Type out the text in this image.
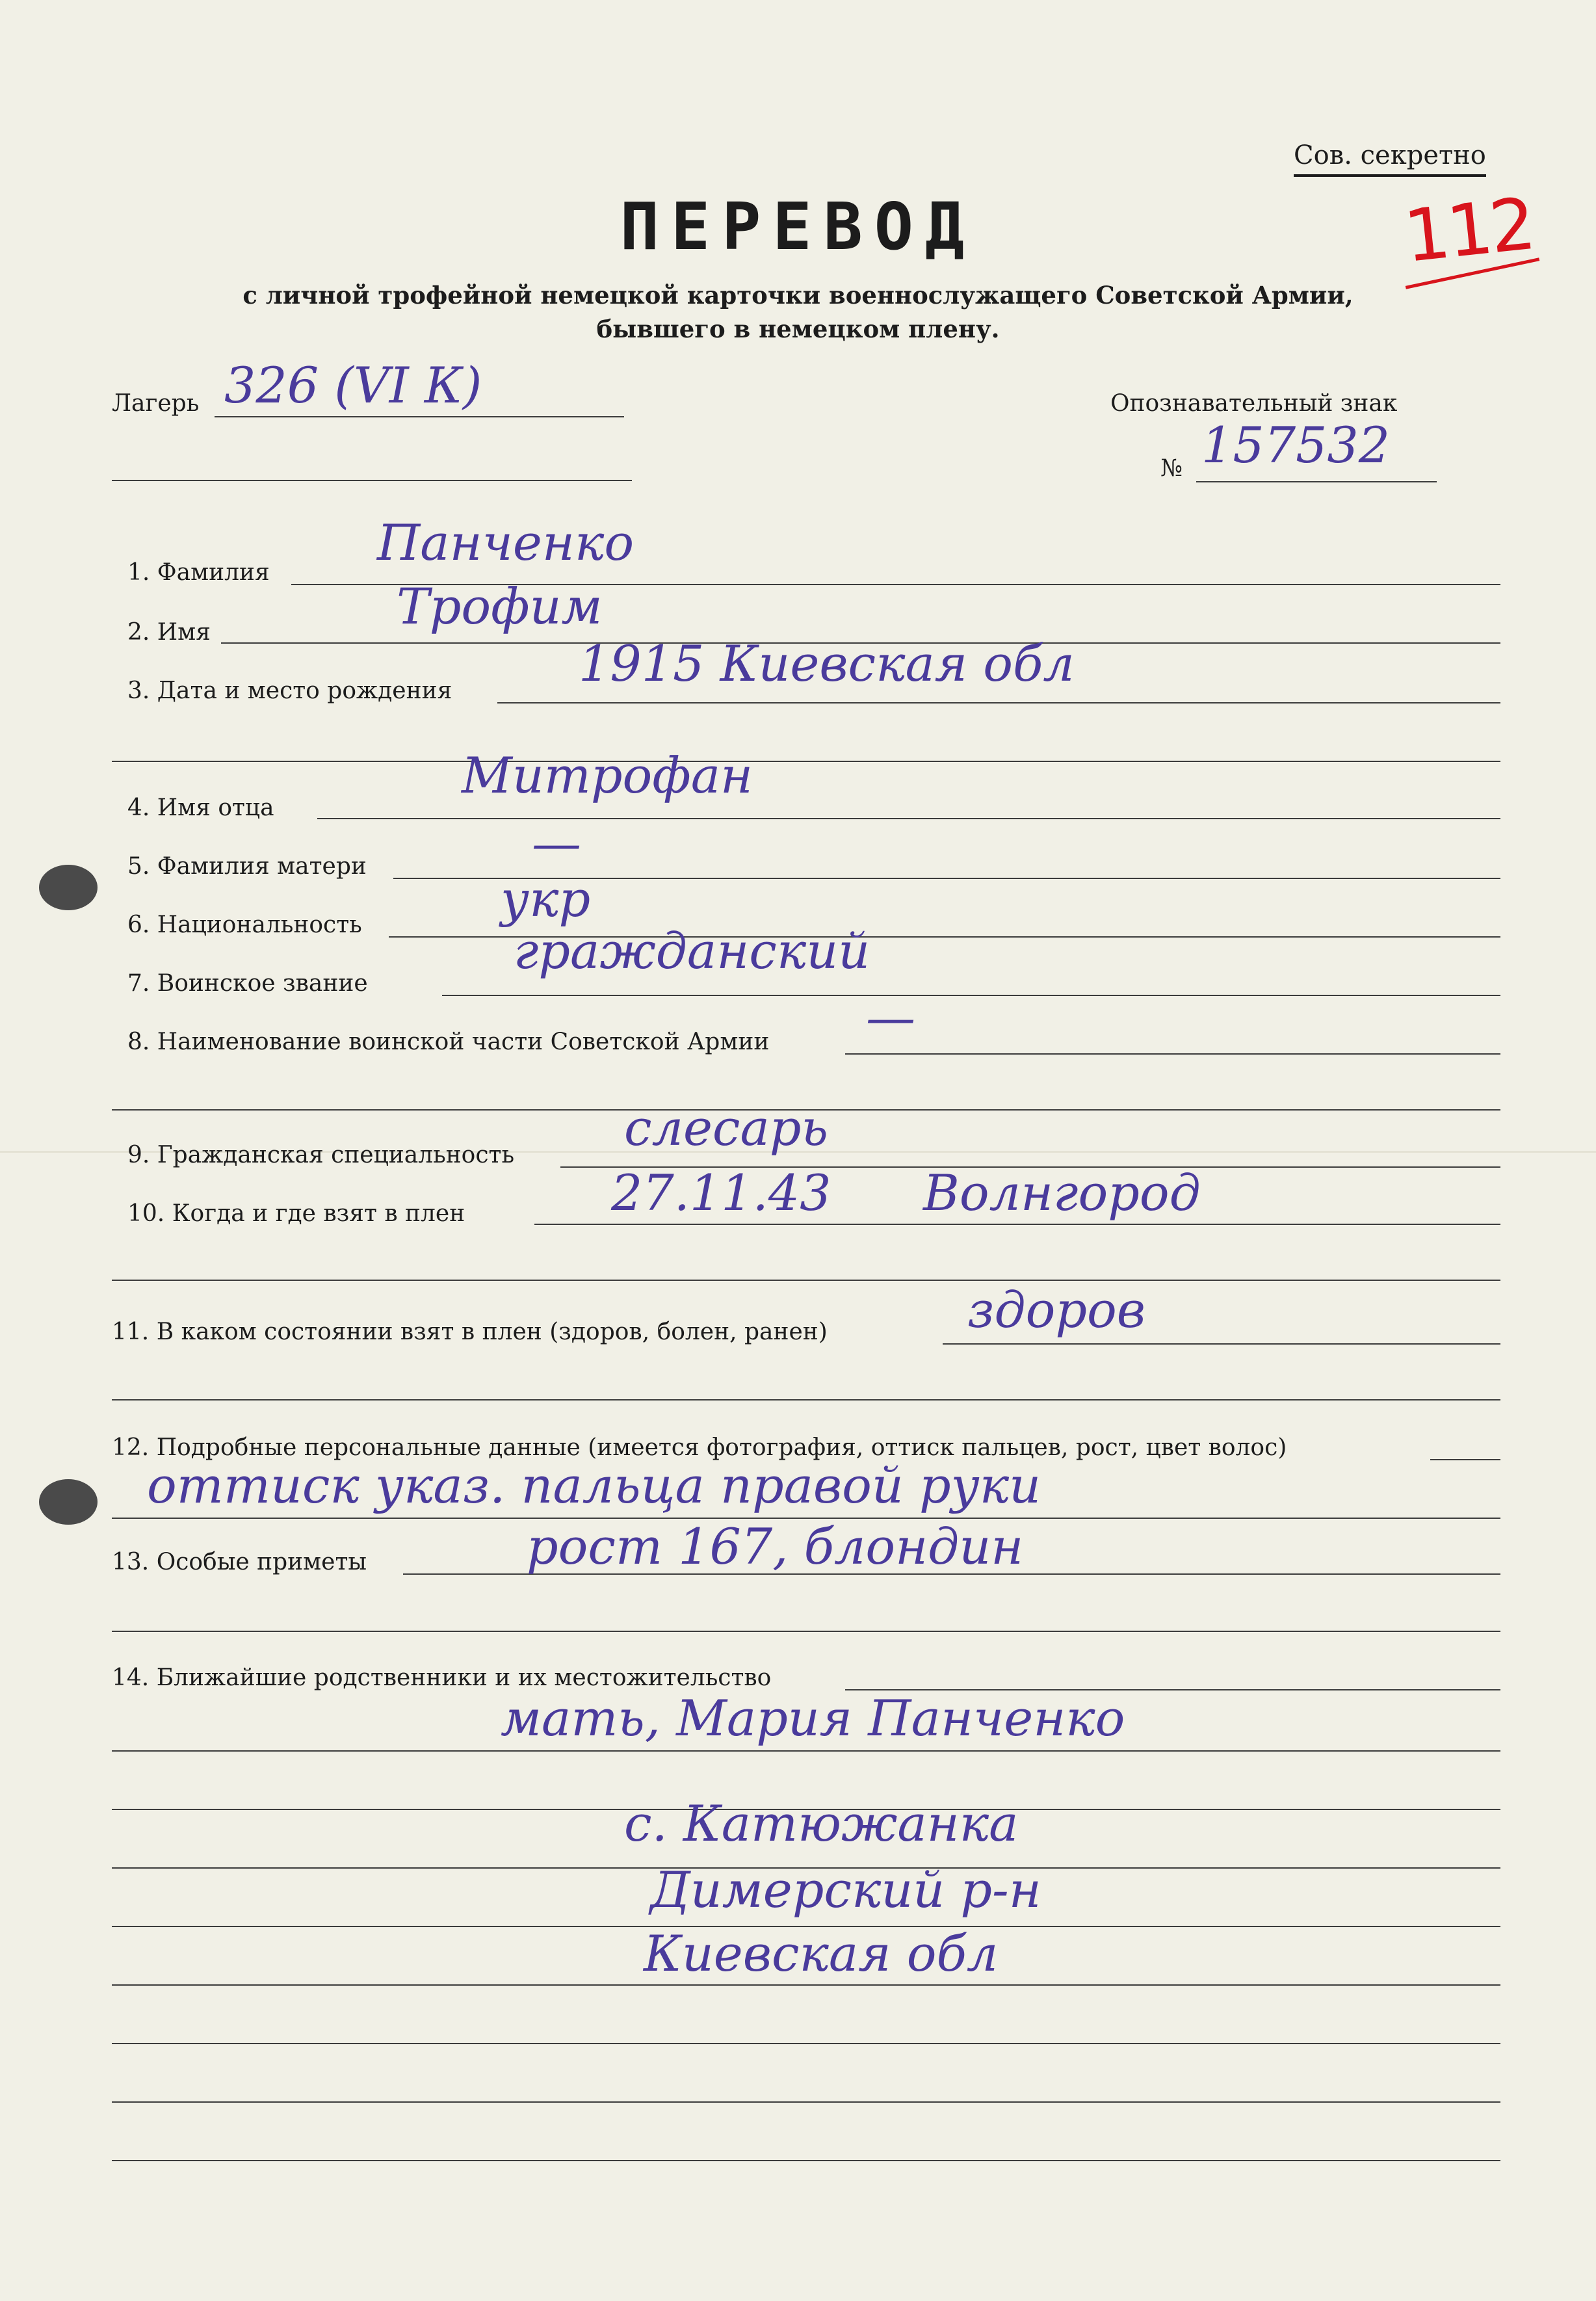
Сов. секретно
112
ПЕРЕВОД
с личной трофейной немецкой карточки военнослужащего Советской Армии,
бывшего в немецком плену.
Лагерь 326 (VI К)	Опознавательный знак
№ 157532
1. Фамилия
Панченко
2. Имя	Трофим
3. Дата и место рождения	1915 Киевская обл
4. Имя отца
Митрофан
5. Фамилия матери	—
6. Национальность	укр
7. Воинское звание
гражданский
8. Наименование воинской части Советской Армии —
9. Гражданская специальность слесарь
10. Когда и где взят в плен	27.11.43 Волнгород
11. В каком состоянии взят в плен (здоров, болен, ранен)	здоров
12. Подробные персональные данные (имеется фотография, оттиск пальцев, рост, цвет волос)
оттиск указ. пальца правой руки
13. Особые приметы	рост 167, блондин
14. Ближайшие родственники и их местожительство
мать, Мария Панченко
с. Катюжанка
Димерский р-н
Киевская обл
